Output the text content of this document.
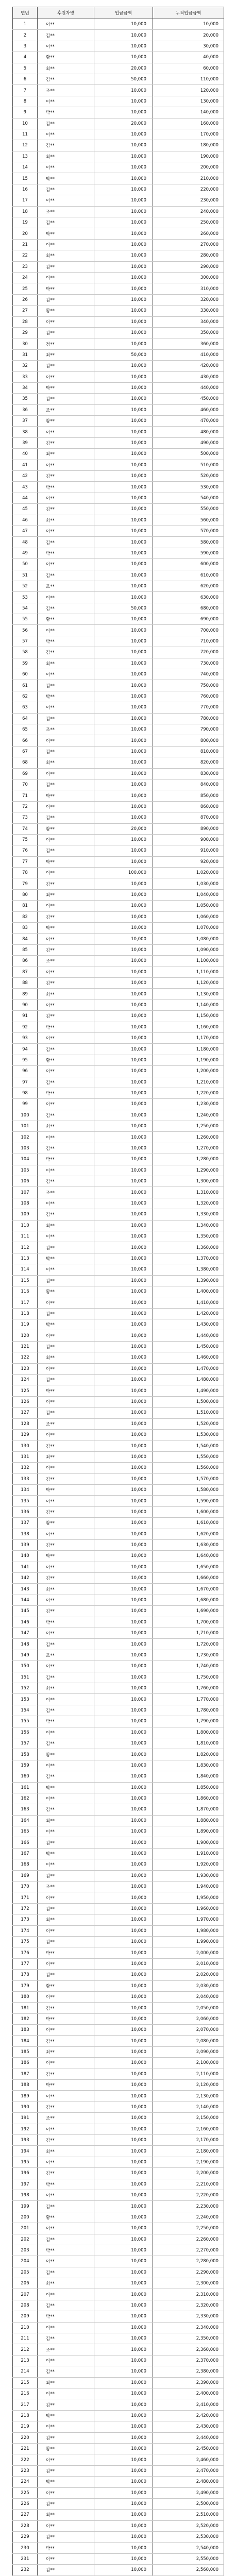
연번	후원자명	입금금액	누적입금금액
1	이**	10,000	10,000
2	김**	10,000	20,000
3	이**	10,000	30,000
4	황**	10,000	40,000
5	최**	20,000	60,000
6	김**	50,000	110,000
7	조**	10,000	120,000
8	이**	10,000	130,000
9	박**	10,000	140,000
10	김**	20,000	160,000
11	이**	10,000	170,000
12	김**	10,000	180,000
13	최**	10,000	190,000
14	이**	10,000	200,000
15	박**	10,000	210,000
16	김**	10,000	220,000
17	이**	10,000	230,000
18	조**	10,000	240,000
19	김**	10,000	250,000
20	박**	10,000	260,000
21	이**	10,000	270,000
22	최**	10,000	280,000
23	김**	10,000	290,000
24	이**	10,000	300,000
25	박**	10,000	310,000
26	김**	10,000	320,000
27	황**	10,000	330,000
28	이**	10,000	340,000
29	김**	10,000	350,000
30	정**	10,000	360,000
31	최**	50,000	410,000
32	김**	10,000	420,000
33	이**	10,000	430,000
34	박**	10,000	440,000
35	김**	10,000	450,000
36	조**	10,000	460,000
37	황**	10,000	470,000
38	이**	10,000	480,000
39	김**	10,000	490,000
40	최**	10,000	500,000
41	이**	10,000	510,000
42	김**	10,000	520,000
43	박**	10,000	530,000
44	이**	10,000	540,000
45	김**	10,000	550,000
46	최**	10,000	560,000
47	이**	10,000	570,000
48	김**	10,000	580,000
49	박**	10,000	590,000
50	이**	10,000	600,000
51	김**	10,000	610,000
52	조**	10,000	620,000
53	이**	10,000	630,000
54	김**	50,000	680,000
55	황**	10,000	690,000
56	이**	10,000	700,000
57	박**	10,000	710,000
58	김**	10,000	720,000
59	최**	10,000	730,000
60	이**	10,000	740,000
61	김**	10,000	750,000
62	박**	10,000	760,000
63	이**	10,000	770,000
64	김**	10,000	780,000
65	조**	10,000	790,000
66	이**	10,000	800,000
67	김**	10,000	810,000
68	최**	10,000	820,000
69	이**	10,000	830,000
70	김**	10,000	840,000
71	박**	10,000	850,000
72	이**	10,000	860,000
73	김**	10,000	870,000
74	황**	20,000	890,000
75	이**	10,000	900,000
76	김**	10,000	910,000
77	박**	10,000	920,000
78	이**	100,000	1,020,000
79	김**	10,000	1,030,000
80	최**	10,000	1,040,000
81	이**	10,000	1,050,000
82	김**	10,000	1,060,000
83	박**	10,000	1,070,000
84	이**	10,000	1,080,000
85	김**	10,000	1,090,000
86	조**	10,000	1,100,000
87	이**	10,000	1,110,000
88	김**	10,000	1,120,000
89	최**	10,000	1,130,000
90	이**	10,000	1,140,000
91	김**	10,000	1,150,000
92	박**	10,000	1,160,000
93	이**	10,000	1,170,000
94	김**	10,000	1,180,000
95	황**	10,000	1,190,000
96	이**	10,000	1,200,000
97	김**	10,000	1,210,000
98	박**	10,000	1,220,000
99	이**	10,000	1,230,000
100	김**	10,000	1,240,000
101	최**	10,000	1,250,000
102	이**	10,000	1,260,000
103	김**	10,000	1,270,000
104	박**	10,000	1,280,000
105	이**	10,000	1,290,000
106	김**	10,000	1,300,000
107	조**	10,000	1,310,000
108	이**	10,000	1,320,000
109	김**	10,000	1,330,000
110	최**	10,000	1,340,000
111	이**	10,000	1,350,000
112	김**	10,000	1,360,000
113	박**	10,000	1,370,000
114	이**	10,000	1,380,000
115	김**	10,000	1,390,000
116	황**	10,000	1,400,000
117	이**	10,000	1,410,000
118	김**	10,000	1,420,000
119	박**	10,000	1,430,000
120	이**	10,000	1,440,000
121	김**	10,000	1,450,000
122	최**	10,000	1,460,000
123	이**	10,000	1,470,000
124	김**	10,000	1,480,000
125	박**	10,000	1,490,000
126	이**	10,000	1,500,000
127	김**	10,000	1,510,000
128	조**	10,000	1,520,000
129	이**	10,000	1,530,000
130	김**	10,000	1,540,000
131	최**	10,000	1,550,000
132	이**	10,000	1,560,000
133	김**	10,000	1,570,000
134	박**	10,000	1,580,000
135	이**	10,000	1,590,000
136	김**	10,000	1,600,000
137	황**	10,000	1,610,000
138	이**	10,000	1,620,000
139	김**	10,000	1,630,000
140	박**	10,000	1,640,000
141	이**	10,000	1,650,000
142	김**	10,000	1,660,000
143	최**	10,000	1,670,000
144	이**	10,000	1,680,000
145	김**	10,000	1,690,000
146	박**	10,000	1,700,000
147	이**	10,000	1,710,000
148	김**	10,000	1,720,000
149	조**	10,000	1,730,000
150	이**	10,000	1,740,000
151	김**	10,000	1,750,000
152	최**	10,000	1,760,000
153	이**	10,000	1,770,000
154	김**	10,000	1,780,000
155	박**	10,000	1,790,000
156	이**	10,000	1,800,000
157	김**	10,000	1,810,000
158	황**	10,000	1,820,000
159	이**	10,000	1,830,000
160	김**	10,000	1,840,000
161	박**	10,000	1,850,000
162	이**	10,000	1,860,000
163	김**	10,000	1,870,000
164	최**	10,000	1,880,000
165	이**	10,000	1,890,000
166	김**	10,000	1,900,000
167	박**	10,000	1,910,000
168	이**	10,000	1,920,000
169	김**	10,000	1,930,000
170	조**	10,000	1,940,000
171	이**	10,000	1,950,000
172	김**	10,000	1,960,000
173	최**	10,000	1,970,000
174	이**	10,000	1,980,000
175	김**	10,000	1,990,000
176	박**	10,000	2,000,000
177	이**	10,000	2,010,000
178	김**	10,000	2,020,000
179	황**	10,000	2,030,000
180	이**	10,000	2,040,000
181	김**	10,000	2,050,000
182	박**	10,000	2,060,000
183	이**	10,000	2,070,000
184	김**	10,000	2,080,000
185	최**	10,000	2,090,000
186	이**	10,000	2,100,000
187	김**	10,000	2,110,000
188	박**	10,000	2,120,000
189	이**	10,000	2,130,000
190	김**	10,000	2,140,000
191	조**	10,000	2,150,000
192	이**	10,000	2,160,000
193	김**	10,000	2,170,000
194	최**	10,000	2,180,000
195	이**	10,000	2,190,000
196	김**	10,000	2,200,000
197	박**	10,000	2,210,000
198	이**	10,000	2,220,000
199	김**	10,000	2,230,000
200	황**	10,000	2,240,000
201	이**	10,000	2,250,000
202	김**	10,000	2,260,000
203	박**	10,000	2,270,000
204	이**	10,000	2,280,000
205	김**	10,000	2,290,000
206	최**	10,000	2,300,000
207	이**	10,000	2,310,000
208	김**	10,000	2,320,000
209	박**	10,000	2,330,000
210	이**	10,000	2,340,000
211	김**	10,000	2,350,000
212	조**	10,000	2,360,000
213	이**	10,000	2,370,000
214	김**	10,000	2,380,000
215	최**	10,000	2,390,000
216	이**	10,000	2,400,000
217	김**	10,000	2,410,000
218	박**	10,000	2,420,000
219	이**	10,000	2,430,000
220	김**	10,000	2,440,000
221	황**	10,000	2,450,000
222	이**	10,000	2,460,000
223	김**	10,000	2,470,000
224	박**	10,000	2,480,000
225	이**	10,000	2,490,000
226	김**	10,000	2,500,000
227	최**	10,000	2,510,000
228	이**	10,000	2,520,000
229	김**	10,000	2,530,000
230	박**	10,000	2,540,000
231	이**	10,000	2,550,000
232	김**	10,000	2,560,000
